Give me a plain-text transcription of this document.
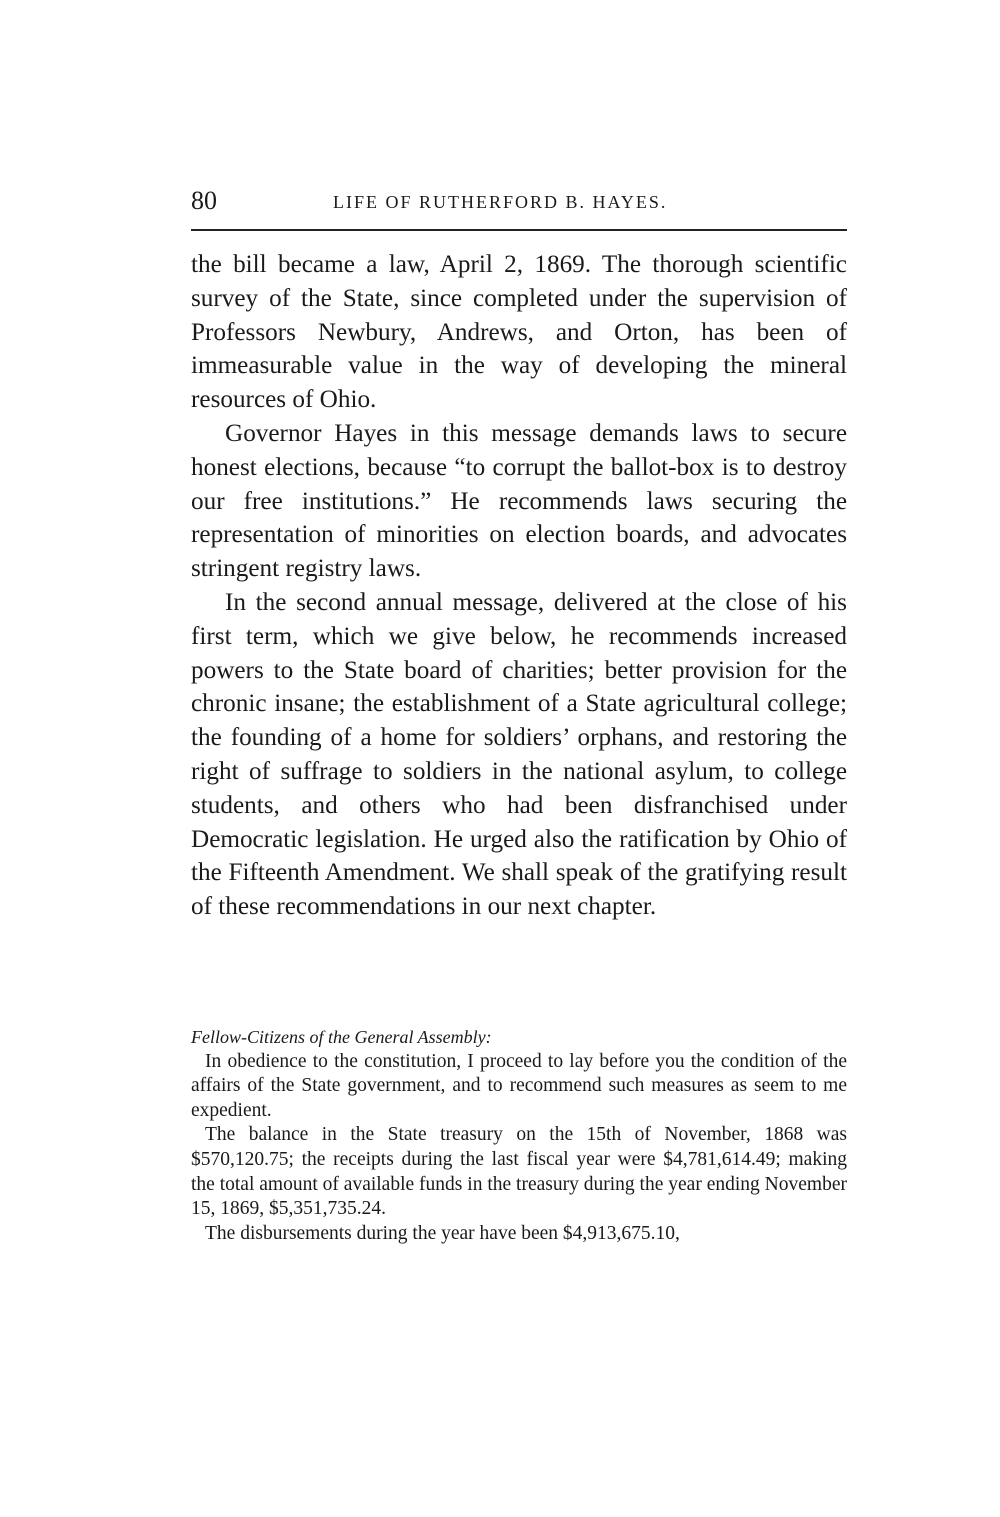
80	LIFE OF RUTHERFORD B. HAYES.

the bill became a law, April 2, 1869. The thorough scientific survey of the State, since completed under the supervision of Professors Newbury, Andrews, and Orton, has been of immeasurable value in the way of developing the mineral resources of Ohio.

Governor Hayes in this message demands laws to secure honest elections, because “to corrupt the ballot-box is to destroy our free institutions.” He recommends laws securing the representation of minorities on election boards, and advocates stringent registry laws.

In the second annual message, delivered at the close of his first term, which we give below, he recommends increased powers to the State board of charities; better provision for the chronic insane; the establishment of a State agricultural college; the founding of a home for soldiers’ orphans, and restoring the right of suffrage to soldiers in the national asylum, to college students, and others who had been disfranchised under Democratic legislation. He urged also the ratification by Ohio of the Fifteenth Amendment. We shall speak of the gratifying result of these recommendations in our next chapter.

Fellow-Citizens of the General Assembly:

In obedience to the constitution, I proceed to lay before you the condition of the affairs of the State government, and to recommend such measures as seem to me expedient.

The balance in the State treasury on the 15th of November, 1868 was $570,120.75; the receipts during the last fiscal year were $4,781,614.49; making the total amount of available funds in the treasury during the year ending November 15, 1869, $5,351,735.24.

The disbursements during the year have been $4,913,675.10,
